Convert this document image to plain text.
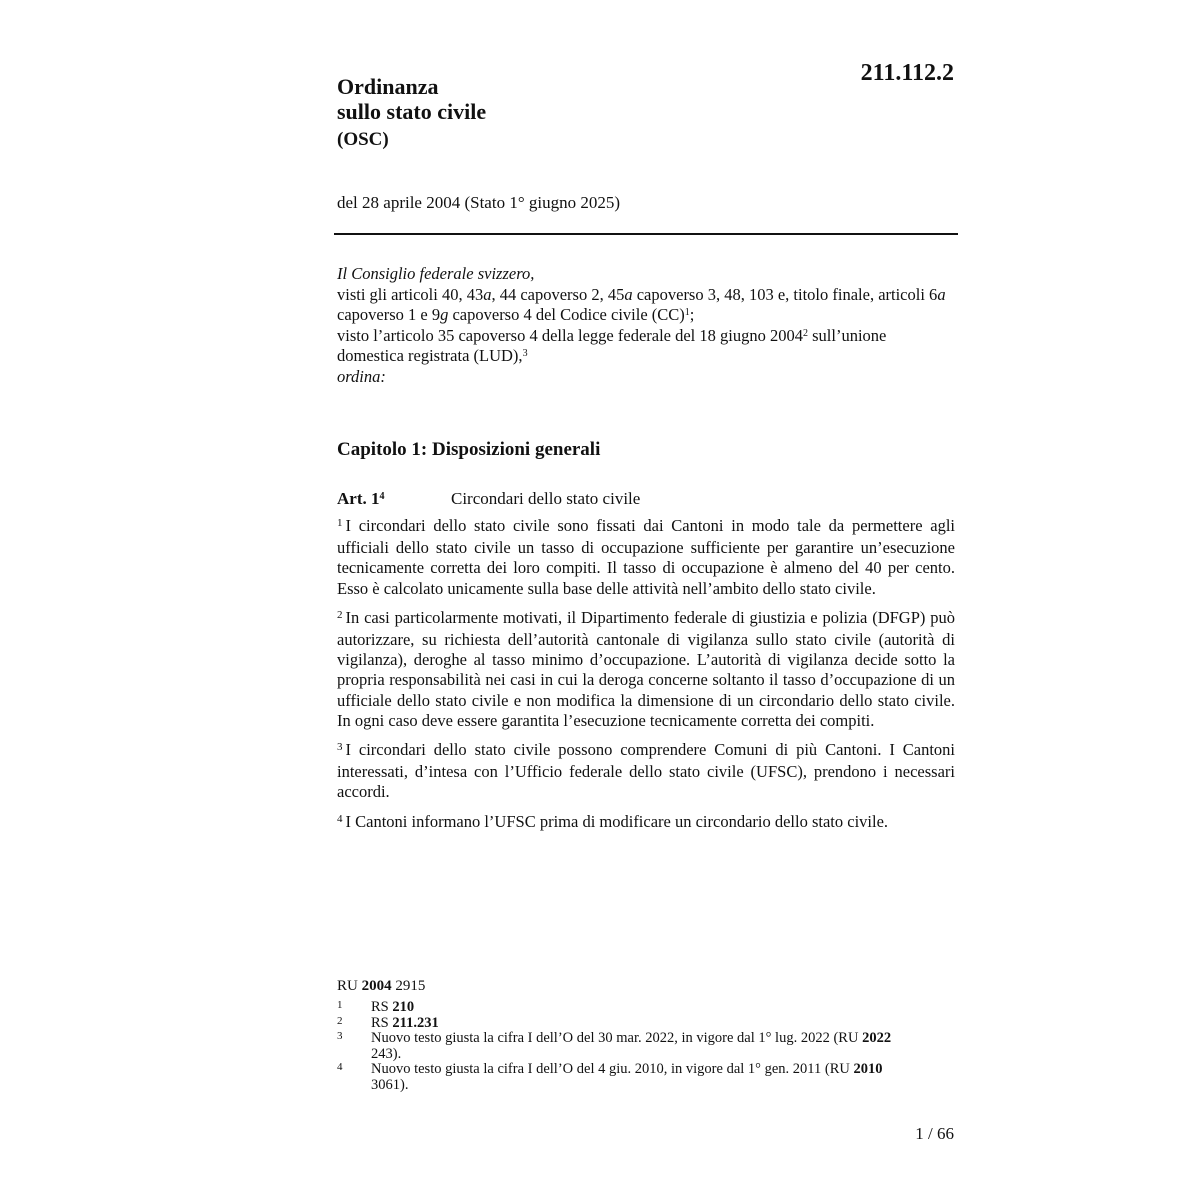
211.112.2
Ordinanza
sullo stato civile
(OSC)
del 28 aprile 2004 (Stato 1° giugno 2025)

Il Consiglio federale svizzero,

visti gli articoli 40, 43a, 44 capoverso 2, 45a capoverso 3, 48, 103 e, titolo finale, articoli 6a capoverso 1 e 9g capoverso 4 del Codice civile (CC)$^1$;

visto l’articolo 35 capoverso 4 della legge federale del 18 giugno 2004$^2$ sull’unione domestica registrata (LUD),$^3$

ordina:

Capitolo 1: Disposizioni generali
Art. $1^4$	Circondari dello stato civile

$^1$ I circondari dello stato civile sono fissati dai Cantoni in modo tale da permettere agli ufficiali dello stato civile un tasso di occupazione sufficiente per garantire un’esecuzione tecnicamente corretta dei loro compiti. Il tasso di occupazione è almeno del 40 per cento. Esso è calcolato unicamente sulla base delle attività nell’ambito dello stato civile.

$^2$ In casi particolarmente motivati, il Dipartimento federale di giustizia e polizia (DFGP) può autorizzare, su richiesta dell’autorità cantonale di vigilanza sullo stato civile (autorità di vigilanza), deroghe al tasso minimo d’occupazione. L’autorità di vigilanza decide sotto la propria responsabilità nei casi in cui la deroga concerne soltanto il tasso d’occupazione di un ufficiale dello stato civile e non modifica la dimensione di un circondario dello stato civile. In ogni caso deve essere garantita l’esecuzione tecnicamente corretta dei compiti.

$^3$ I circondari dello stato civile possono comprendere Comuni di più Cantoni. I Cantoni interessati, d’intesa con l’Ufficio federale dello stato civile (UFSC), prendono i necessari accordi.

$^4$ I Cantoni informano l’UFSC prima di modificare un circondario dello stato civile.

RU 2004 2915
1	RS 210
2	RS 211.231
3	Nuovo testo giusta la cifra I dell’O del 30 mar. 2022, in vigore dal 1° lug. 2022 (RU 2022 243).
4	Nuovo testo giusta la cifra I dell’O del 4 giu. 2010, in vigore dal 1° gen. 2011 (RU 2010 3061).
1 / 66
